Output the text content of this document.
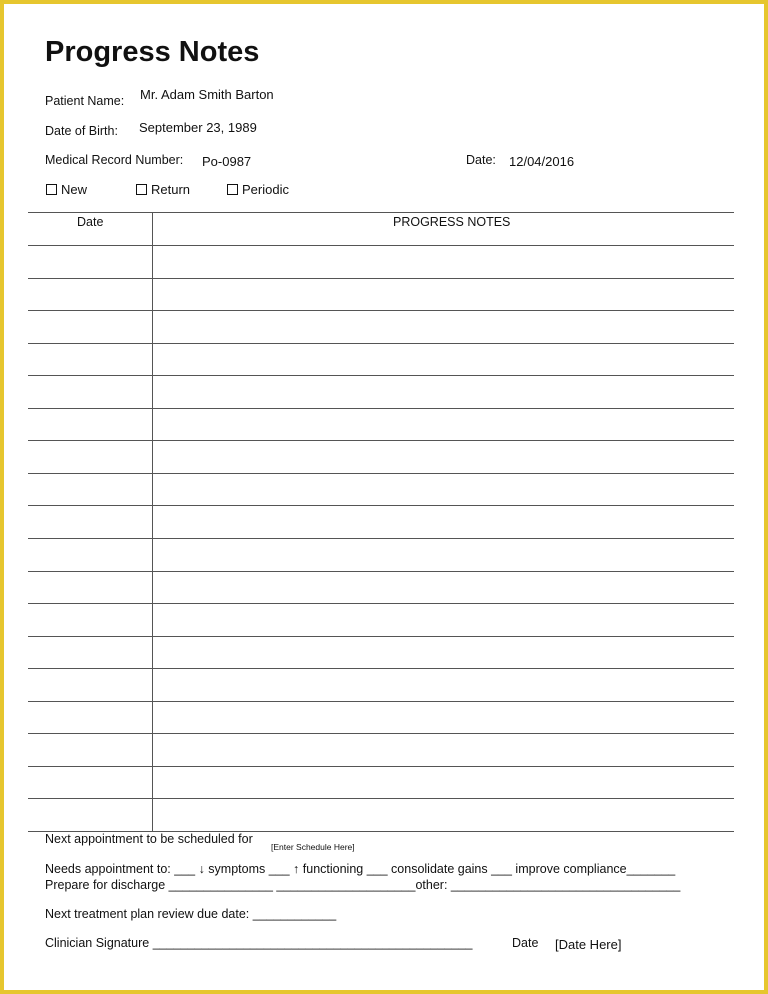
Progress Notes
Patient Name: Mr. Adam Smith Barton
Date of Birth: September 23, 1989
Medical Record Number: Po-0987	Date: 12/04/2016
New	Return	Periodic
Date	PROGRESS NOTES
Next appointment to be scheduled for
[Enter Schedule Here]
Needs appointment to: ___ ↓ symptoms ___ ↑ functioning ___ consolidate gains ___ improve compliance_______
Prepare for discharge _______________ ____________________other: _________________________________
Next treatment plan review due date: ____________
Clinician Signature ______________________________________________	Date [Date Here]
